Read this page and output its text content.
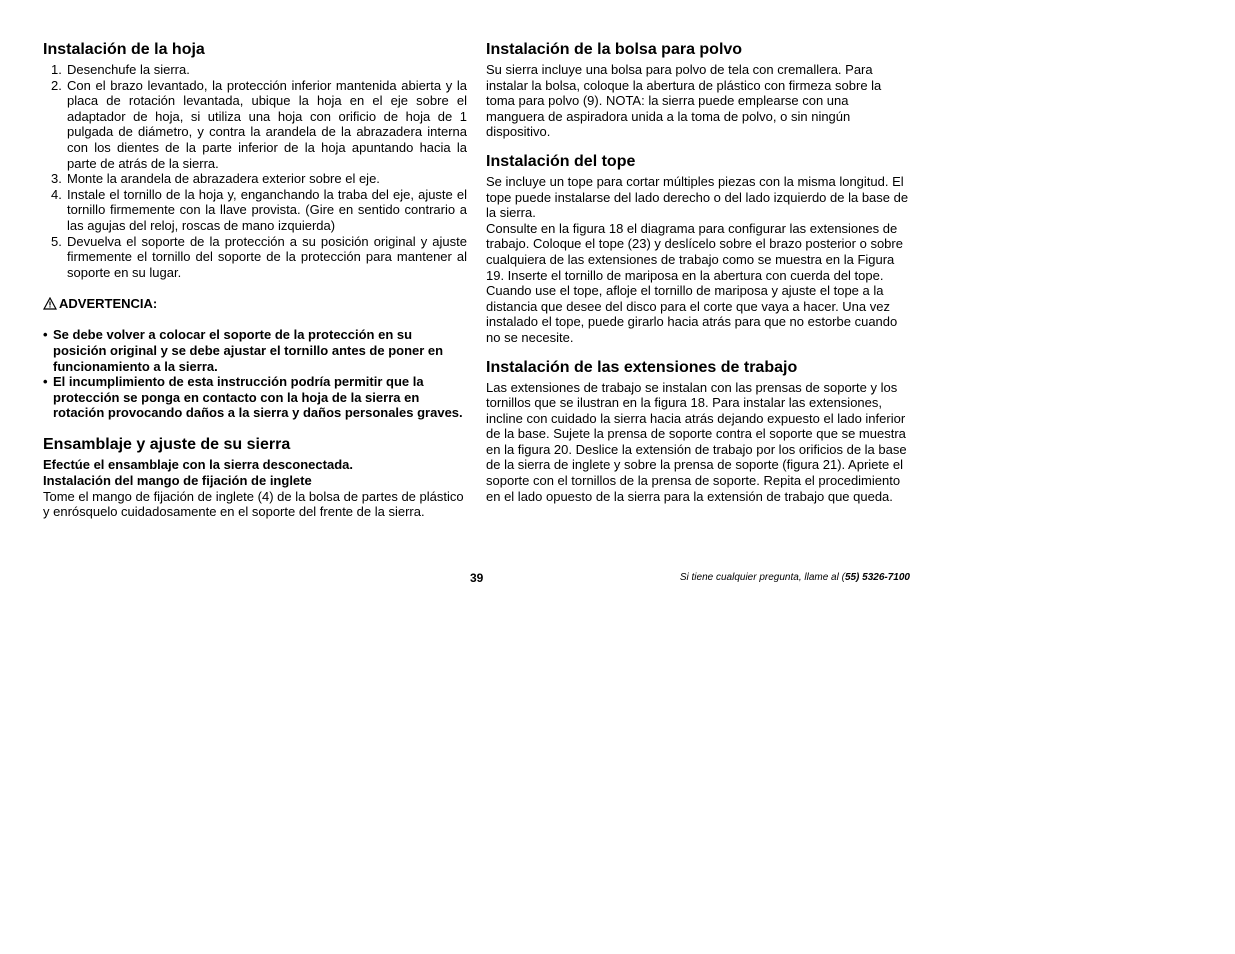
Instalación de la hoja
1. Desenchufe la sierra.
2. Con el brazo levantado, la protección inferior mantenida abierta y la placa de rotación levantada, ubique la hoja en el eje sobre el adaptador de hoja, si utiliza una hoja con orificio de hoja de 1 pulgada de diámetro, y contra la arandela de la abrazadera interna con los dientes de la parte inferior de la hoja apuntando hacia la parte de atrás de la sierra.
3. Monte la arandela de abrazadera exterior sobre el eje.
4. Instale el tornillo de la hoja y, enganchando la traba del eje, ajuste el tornillo firmemente con la llave provista. (Gire en sentido contrario a las agujas del reloj, roscas de mano izquierda)
5. Devuelva el soporte de la protección a su posición original y ajuste firmemente el tornillo del soporte de la protección para mantener al soporte en su lugar.
ADVERTENCIA:
• Se debe volver a colocar el soporte de la protección en su posición original y se debe ajustar el tornillo antes de poner en funcionamiento a la sierra.
• El incumplimiento de esta instrucción podría permitir que la protección se ponga en contacto con la hoja de la sierra en rotación provocando daños a la sierra y daños personales graves.
Ensamblaje y ajuste de su sierra

Efectúe el ensamblaje con la sierra desconectada.

Instalación del mango de fijación de inglete

Tome el mango de fijación de inglete (4) de la bolsa de partes de plástico y enrósquelo cuidadosamente en el soporte del frente de la sierra.

Instalación de la bolsa para polvo

Su sierra incluye una bolsa para polvo de tela con cremallera. Para instalar la bolsa, coloque la abertura de plástico con firmeza sobre la toma para polvo (9). NOTA: la sierra puede emplearse con una manguera de aspiradora unida a la toma de polvo, o sin ningún dispositivo.

Instalación del tope

Se incluye un tope para cortar múltiples piezas con la misma longitud. El tope puede instalarse del lado derecho o del lado izquierdo de la base de la sierra.

Consulte en la figura 18 el diagrama para configurar las extensiones de trabajo. Coloque el tope (23) y deslícelo sobre el brazo posterior o sobre cualquiera de las extensiones de trabajo como se muestra en la Figura 19. Inserte el tornillo de mariposa en la abertura con cuerda del tope. Cuando use el tope, afloje el tornillo de mariposa y ajuste el tope a la distancia que desee del disco para el corte que vaya a hacer. Una vez instalado el tope, puede girarlo hacia atrás para que no estorbe cuando no se necesite.

Instalación de las extensiones de trabajo

Las extensiones de trabajo se instalan con las prensas de soporte y los tornillos que se ilustran en la figura 18. Para instalar las extensiones, incline con cuidado la sierra hacia atrás dejando expuesto el lado inferior de la base. Sujete la prensa de soporte contra el soporte que se muestra en la figura 20. Deslice la extensión de trabajo por los orificios de la base de la sierra de inglete y sobre la prensa de soporte (figura 21). Apriete el soporte con el tornillos de la prensa de soporte. Repita el procedimiento en el lado opuesto de la sierra para la extensión de trabajo que queda.

39	Si tiene cualquier pregunta, llame al (55) 5326-7100
